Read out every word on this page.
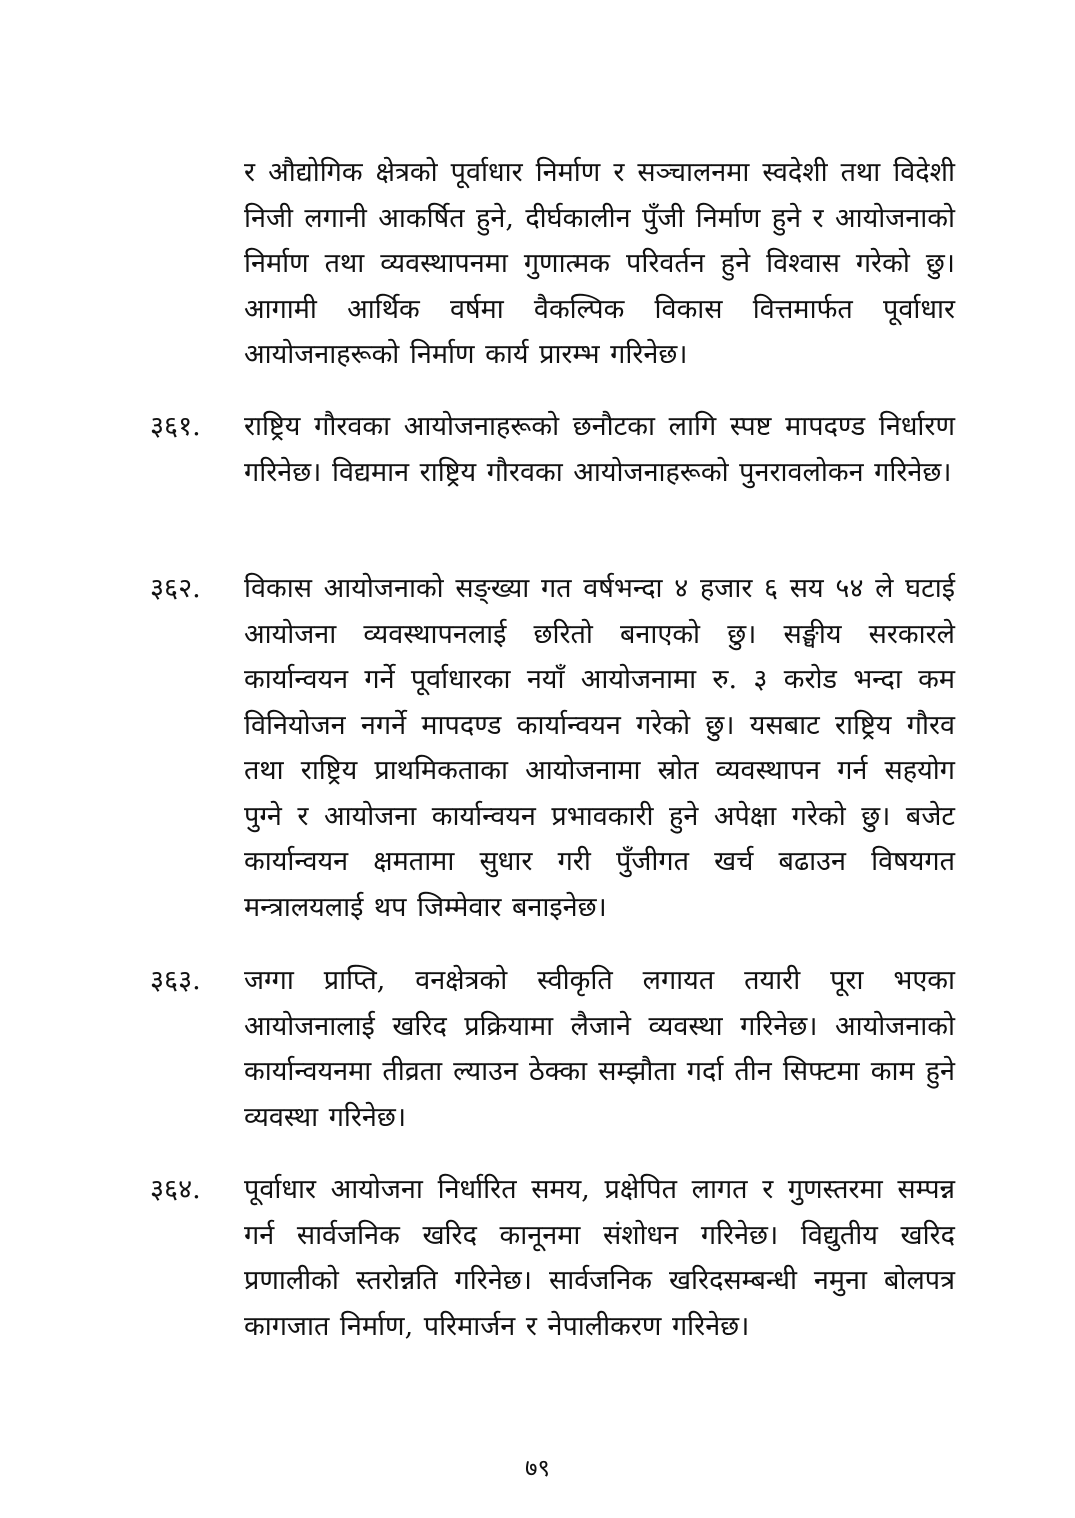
र औद्योगिक क्षेत्रको पूर्वाधार निर्माण र सञ्चालनमा स्वदेशी तथा विदेशी निजी लगानी आकर्षित हुने, दीर्घकालीन पुँजी निर्माण हुने र आयोजनाको निर्माण तथा व्यवस्थापनमा गुणात्मक परिवर्तन हुने विश्वास गरेको छु। आगामी आर्थिक वर्षमा वैकल्पिक विकास वित्तमार्फत पूर्वाधार आयोजनाहरूको निर्माण कार्य प्रारम्भ गरिनेछ।
३६१.	राष्ट्रिय गौरवका आयोजनाहरूको छनौटका लागि स्पष्ट मापदण्ड निर्धारण गरिनेछ। विद्यमान राष्ट्रिय गौरवका आयोजनाहरूको पुनरावलोकन गरिनेछ।
३६२.	विकास आयोजनाको सङ्ख्या गत वर्षभन्दा ४ हजार ६ सय ५४ ले घटाई आयोजना व्यवस्थापनलाई छरितो बनाएको छु। सङ्घीय सरकारले कार्यान्वयन गर्ने पूर्वाधारका नयाँ आयोजनामा रु. ३ करोड भन्दा कम विनियोजन नगर्ने मापदण्ड कार्यान्वयन गरेको छु। यसबाट राष्ट्रिय गौरव तथा राष्ट्रिय प्राथमिकताका आयोजनामा स्रोत व्यवस्थापन गर्न सहयोग पुग्ने र आयोजना कार्यान्वयन प्रभावकारी हुने अपेक्षा गरेको छु। बजेट कार्यान्वयन क्षमतामा सुधार गरी पुँजीगत खर्च बढाउन विषयगत मन्त्रालयलाई थप जिम्मेवार बनाइनेछ।
३६३.	जग्गा प्राप्ति, वनक्षेत्रको स्वीकृति लगायत तयारी पूरा भएका आयोजनालाई खरिद प्रक्रियामा लैजाने व्यवस्था गरिनेछ। आयोजनाको कार्यान्वयनमा तीव्रता ल्याउन ठेक्का सम्झौता गर्दा तीन सिफ्टमा काम हुने व्यवस्था गरिनेछ।
३६४.	पूर्वाधार आयोजना निर्धारित समय, प्रक्षेपित लागत र गुणस्तरमा सम्पन्न गर्न सार्वजनिक खरिद कानूनमा संशोधन गरिनेछ। विद्युतीय खरिद प्रणालीको स्तरोन्नति गरिनेछ। सार्वजनिक खरिदसम्बन्धी नमुना बोलपत्र कागजात निर्माण, परिमार्जन र नेपालीकरण गरिनेछ।
७९
